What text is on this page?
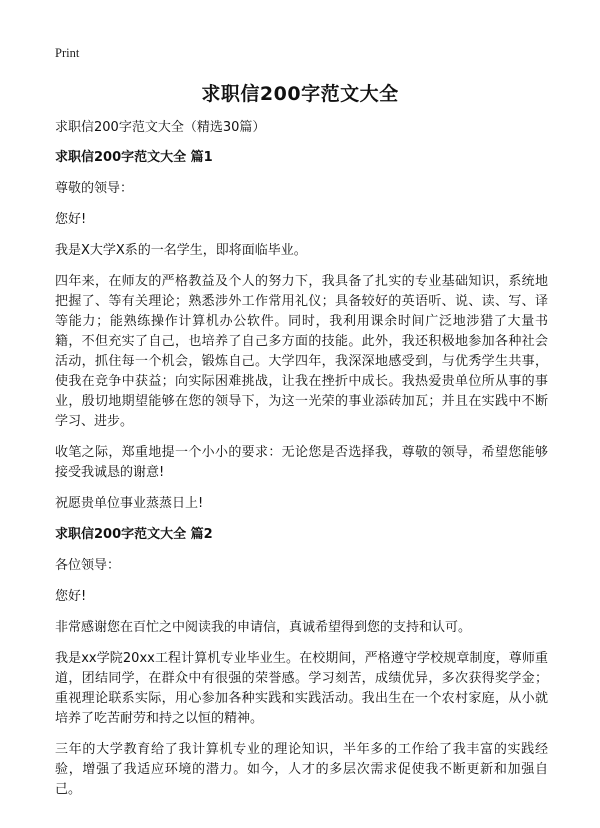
Print
求职信200字范文大全

求职信200字范文大全（精选30篇）

求职信200字范文大全 篇1

尊敬的领导：

您好!

我是X大学X系的一名学生，即将面临毕业。

四年来，在师友的严格教益及个人的努力下，我具备了扎实的专业基础知识，系统地把握了、等有关理论；熟悉涉外工作常用礼仪；具备较好的英语听、说、读、写、译等能力；能熟练操作计算机办公软件。同时，我利用课余时间广泛地涉猎了大量书籍，不但充实了自己，也培养了自己多方面的技能。此外，我还积极地参加各种社会活动，抓住每一个机会，锻炼自己。大学四年，我深深地感受到，与优秀学生共事，使我在竞争中获益；向实际困难挑战，让我在挫折中成长。我热爱贵单位所从事的事业，殷切地期望能够在您的领导下，为这一光荣的事业添砖加瓦；并且在实践中不断学习、进步。

收笔之际，郑重地提一个小小的要求：无论您是否选择我，尊敬的领导，希望您能够接受我诚恳的谢意!

祝愿贵单位事业蒸蒸日上!

求职信200字范文大全 篇2

各位领导：

您好!

非常感谢您在百忙之中阅读我的申请信，真诚希望得到您的支持和认可。

我是xx学院20xx工程计算机专业毕业生。在校期间，严格遵守学校规章制度，尊师重道，团结同学，在群众中有很强的荣誉感。学习刻苦，成绩优异，多次获得奖学金；重视理论联系实际，用心参加各种实践和实践活动。我出生在一个农村家庭，从小就培养了吃苦耐劳和持之以恒的精神。

三年的大学教育给了我计算机专业的理论知识，半年多的工作给了我丰富的实践经验，增强了我适应环境的潜力。如今，人才的多层次需求促使我不断更新和加强自己。
